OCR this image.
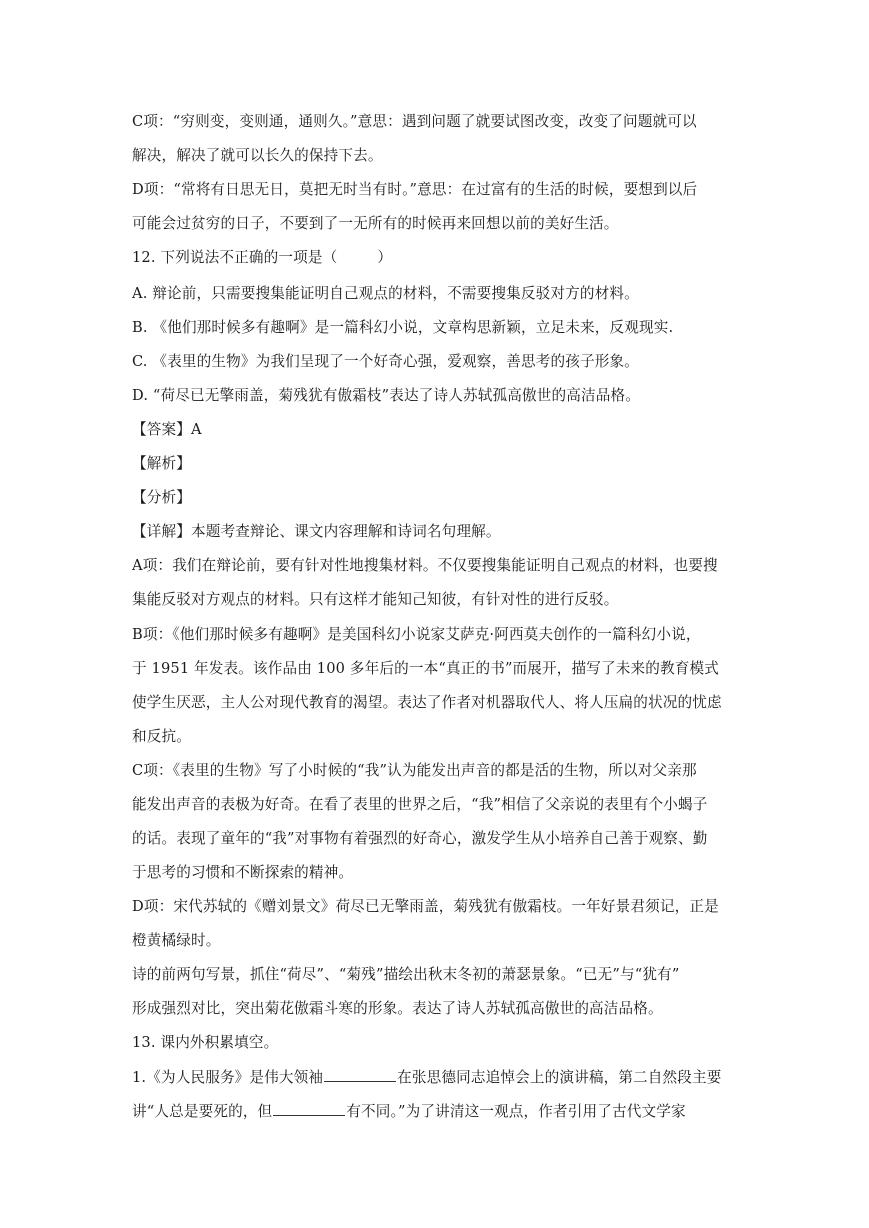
C项：“穷则变，变则通，通则久。”意思：遇到问题了就要试图改变，改变了问题就可以
解决，解决了就可以长久的保持下去。
D项：“常将有日思无日，莫把无时当有时。”意思：在过富有的生活的时候，要想到以后
可能会过贫穷的日子，不要到了一无所有的时候再来回想以前的美好生活。
12. 下列说法不正确的一项是（	）
A. 辩论前，只需要搜集能证明自己观点的材料，不需要搜集反驳对方的材料。
B. 《他们那时候多有趣啊》是一篇科幻小说，文章构思新颖，立足未来，反观现实.
C. 《表里的生物》为我们呈现了一个好奇心强，爱观察，善思考的孩子形象。
D. “荷尽已无擎雨盖，菊残犹有傲霜枝”表达了诗人苏轼孤高傲世的高洁品格。
【答案】A
【解析】
【分析】
【详解】本题考查辩论、课文内容理解和诗词名句理解。
A项：我们在辩论前，要有针对性地搜集材料。不仅要搜集能证明自己观点的材料，也要搜
集能反驳对方观点的材料。只有这样才能知己知彼，有针对性的进行反驳。
B项：《他们那时候多有趣啊》是美国科幻小说家艾萨克·阿西莫夫创作的一篇科幻小说，
于 1951 年发表。该作品由 100 多年后的一本“真正的书”而展开，描写了未来的教育模式
使学生厌恶，主人公对现代教育的渴望。表达了作者对机器取代人、将人压扁的状况的忧虑
和反抗。
C项：《表里的生物》写了小时候的“我”认为能发出声音的都是活的生物，所以对父亲那
能发出声音的表极为好奇。在看了表里的世界之后，“我”相信了父亲说的表里有个小蝎子
的话。表现了童年的“我”对事物有着强烈的好奇心，激发学生从小培养自己善于观察、勤
于思考的习惯和不断探索的精神。
D项：宋代苏轼的《赠刘景文》荷尽已无擎雨盖，菊残犹有傲霜枝。一年好景君须记，正是
橙黄橘绿时。
诗的前两句写景，抓住“荷尽”、“菊残”描绘出秋末冬初的萧瑟景象。“已无”与“犹有”
形成强烈对比，突出菊花傲霜斗寒的形象。表达了诗人苏轼孤高傲世的高洁品格。
13. 课内外积累填空。
1.《为人民服务》是伟大领袖	在张思德同志追悼会上的演讲稿，第二自然段主要
讲“人总是要死的，但	有不同。”为了讲清这一观点，作者引用了古代文学家
